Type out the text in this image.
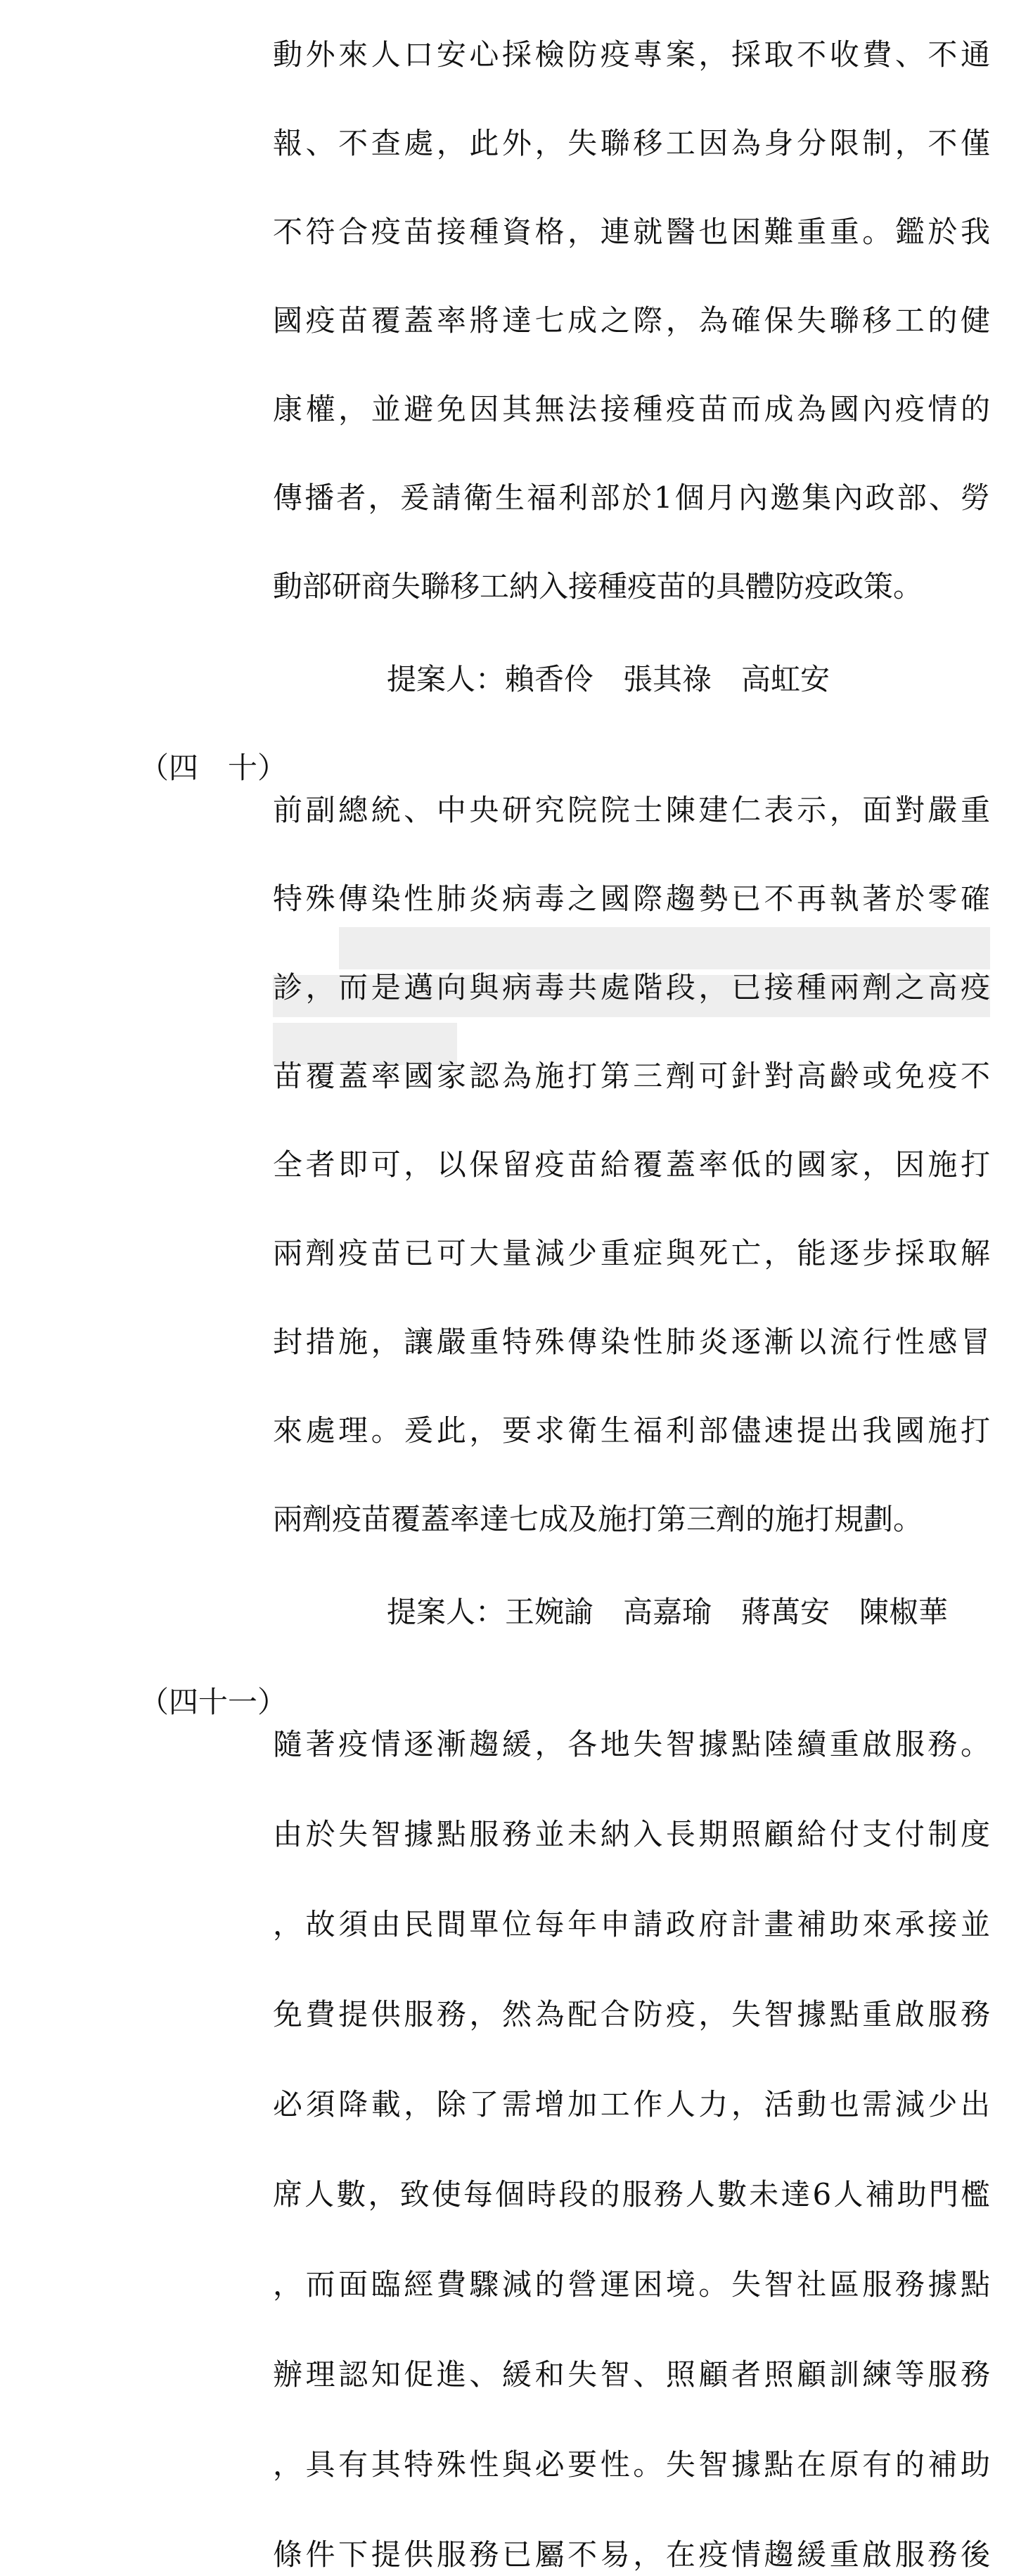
動外來人口安心採檢防疫專案，採取不收費、不通
報、不查處，此外，失聯移工因為身分限制，不僅
不符合疫苗接種資格，連就醫也困難重重。鑑於我
國疫苗覆蓋率將達七成之際，為確保失聯移工的健
康權，並避免因其無法接種疫苗而成為國內疫情的
傳播者，爰請衛生福利部於1個月內邀集內政部、勞
動部研商失聯移工納入接種疫苗的具體防疫政策。
提案人：賴香伶　張其祿　高虹安
（四　十）
前副總統、中央研究院院士陳建仁表示，面對嚴重
特殊傳染性肺炎病毒之國際趨勢已不再執著於零確
診，而是邁向與病毒共處階段，已接種兩劑之高疫
苗覆蓋率國家認為施打第三劑可針對高齡或免疫不
全者即可，以保留疫苗給覆蓋率低的國家，因施打
兩劑疫苗已可大量減少重症與死亡，能逐步採取解
封措施，讓嚴重特殊傳染性肺炎逐漸以流行性感冒
來處理。爰此，要求衛生福利部儘速提出我國施打
兩劑疫苗覆蓋率達七成及施打第三劑的施打規劃。
提案人：王婉諭　高嘉瑜　蔣萬安　陳椒華
（四十一）
隨著疫情逐漸趨緩，各地失智據點陸續重啟服務。
由於失智據點服務並未納入長期照顧給付支付制度
，故須由民間單位每年申請政府計畫補助來承接並
免費提供服務，然為配合防疫，失智據點重啟服務
必須降載，除了需增加工作人力，活動也需減少出
席人數，致使每個時段的服務人數未達6人補助門檻
，而面臨經費驟減的營運困境。失智社區服務據點
辦理認知促進、緩和失智、照顧者照顧訓練等服務
，具有其特殊性與必要性。失智據點在原有的補助
條件下提供服務已屬不易，在疫情趨緩重啟服務後
